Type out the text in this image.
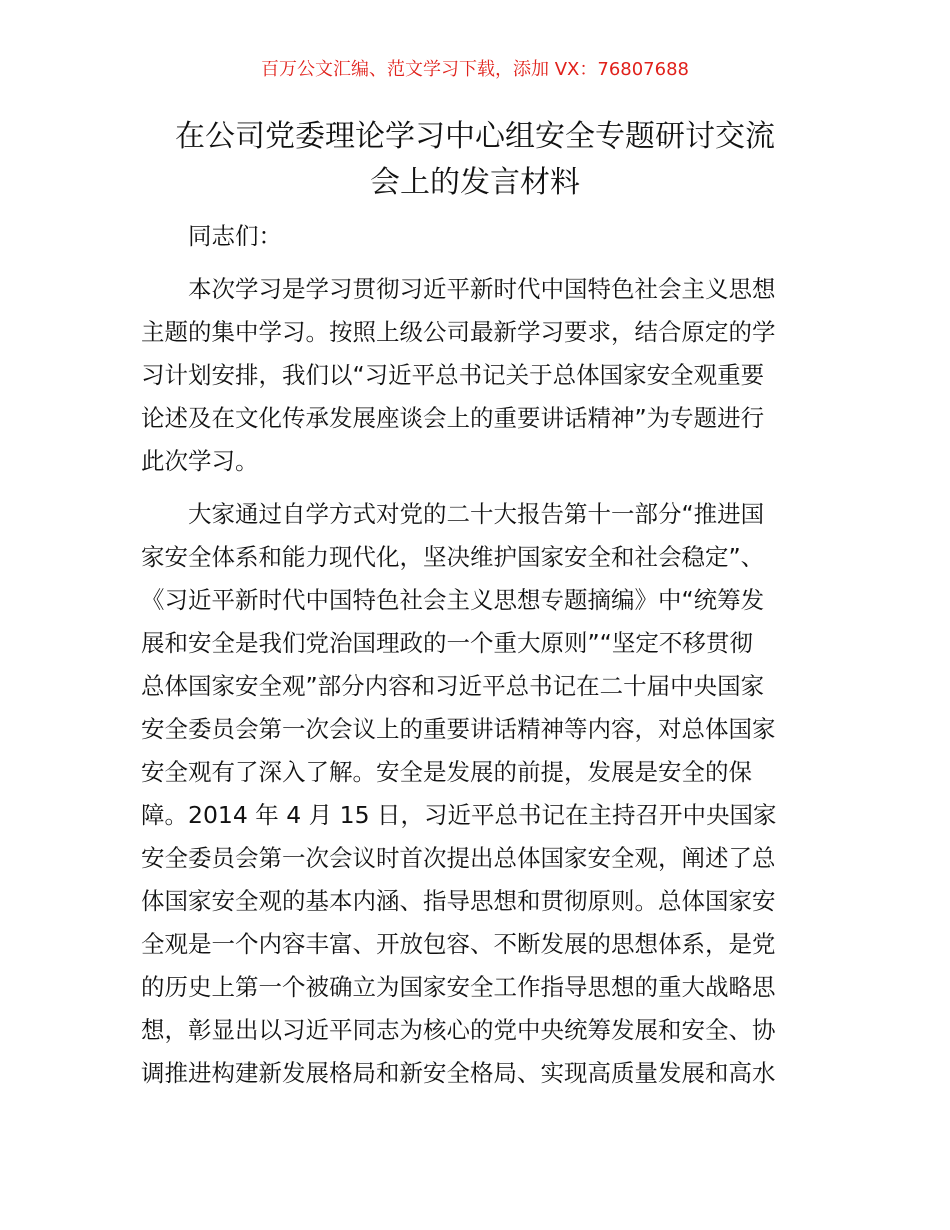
百万公文汇编、范文学习下载，添加 VX：76807688
在公司党委理论学习中心组安全专题研讨交流
会上的发言材料

同志们：

本次学习是学习贯彻习近平新时代中国特色社会主义思想
主题的集中学习。按照上级公司最新学习要求，结合原定的学
习计划安排，我们以“习近平总书记关于总体国家安全观重要
论述及在文化传承发展座谈会上的重要讲话精神”为专题进行
此次学习。

大家通过自学方式对党的二十大报告第十一部分“推进国
家安全体系和能力现代化，坚决维护国家安全和社会稳定”、
《习近平新时代中国特色社会主义思想专题摘编》中“统筹发
展和安全是我们党治国理政的一个重大原则”“坚定不移贯彻
总体国家安全观”部分内容和习近平总书记在二十届中央国家
安全委员会第一次会议上的重要讲话精神等内容，对总体国家
安全观有了深入了解。安全是发展的前提，发展是安全的保
障。2014 年 4 月 15 日，习近平总书记在主持召开中央国家
安全委员会第一次会议时首次提出总体国家安全观，阐述了总
体国家安全观的基本内涵、指导思想和贯彻原则。总体国家安
全观是一个内容丰富、开放包容、不断发展的思想体系，是党
的历史上第一个被确立为国家安全工作指导思想的重大战略思
想，彰显出以习近平同志为核心的党中央统筹发展和安全、协
调推进构建新发展格局和新安全格局、实现高质量发展和高水
